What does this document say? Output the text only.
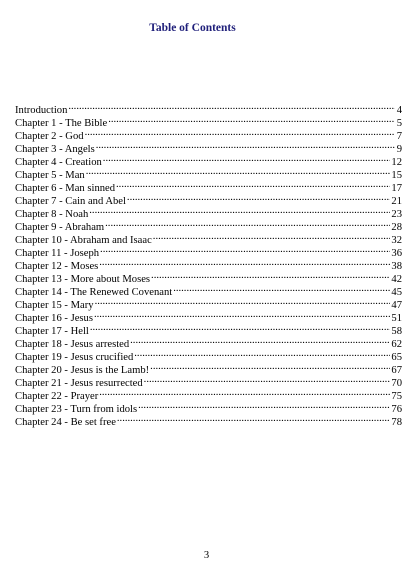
Table of Contents
Introduction .....	4
Chapter 1 - The Bible .....	5
Chapter 2 - God .....	7
Chapter 3 - Angels .....	9
Chapter 4 - Creation .....	12
Chapter 5 - Man .....	15
Chapter 6 - Man sinned .....	17
Chapter 7 - Cain and Abel .....	21
Chapter 8 - Noah .....	23
Chapter 9 - Abraham .....	28
Chapter 10 - Abraham and Isaac .....	32
Chapter 11 - Joseph .....	36
Chapter 12 - Moses .....	38
Chapter 13 - More about Moses .....	42
Chapter 14 - The Renewed Covenant .....	45
Chapter 15 - Mary .....	47
Chapter 16 - Jesus .....	51
Chapter 17 - Hell .....	58
Chapter 18 - Jesus arrested .....	62
Chapter 19 - Jesus crucified .....	65
Chapter 20 - Jesus is the Lamb! .....	67
Chapter 21 - Jesus resurrected .....	70
Chapter 22 - Prayer .....	75
Chapter 23 - Turn from idols .....	76
Chapter 24 - Be set free .....	78
3
